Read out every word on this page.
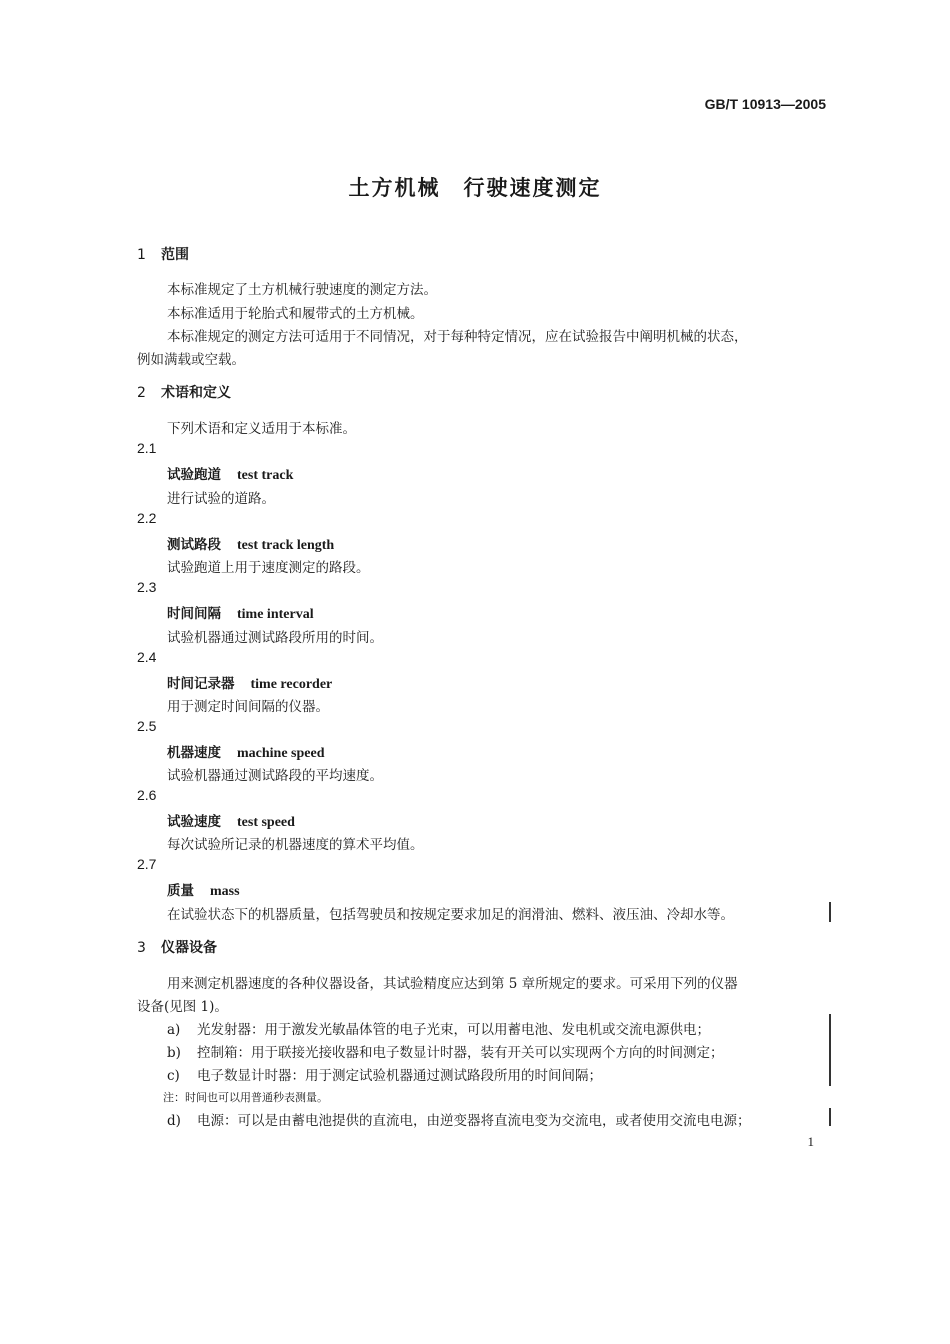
GB/T 10913—2005
土方机械　行驶速度测定
1 范围
本标准规定了土方机械行驶速度的测定方法。
本标准适用于轮胎式和履带式的土方机械。
本标准规定的测定方法可适用于不同情况，对于每种特定情况，应在试验报告中阐明机械的状态，
例如满载或空载。
2 术语和定义
下列术语和定义适用于本标准。
2.1
试验跑道 test track
进行试验的道路。
2.2
测试路段 test track length
试验跑道上用于速度测定的路段。
2.3
时间间隔 time interval
试验机器通过测试路段所用的时间。
2.4
时间记录器 time recorder
用于测定时间间隔的仪器。
2.5
机器速度 machine speed
试验机器通过测试路段的平均速度。
2.6
试验速度 test speed
每次试验所记录的机器速度的算术平均值。
2.7
质量 mass
在试验状态下的机器质量，包括驾驶员和按规定要求加足的润滑油、燃料、液压油、冷却水等。
3 仪器设备
用来测定机器速度的各种仪器设备，其试验精度应达到第 5 章所规定的要求。可采用下列的仪器
设备(见图 1)。
a) 光发射器：用于激发光敏晶体管的电子光束，可以用蓄电池、发电机或交流电源供电；
b) 控制箱：用于联接光接收器和电子数显计时器，装有开关可以实现两个方向的时间测定；
c) 电子数显计时器：用于测定试验机器通过测试路段所用的时间间隔；
注：时间也可以用普通秒表测量。
d) 电源：可以是由蓄电池提供的直流电，由逆变器将直流电变为交流电，或者使用交流电电源；
1
